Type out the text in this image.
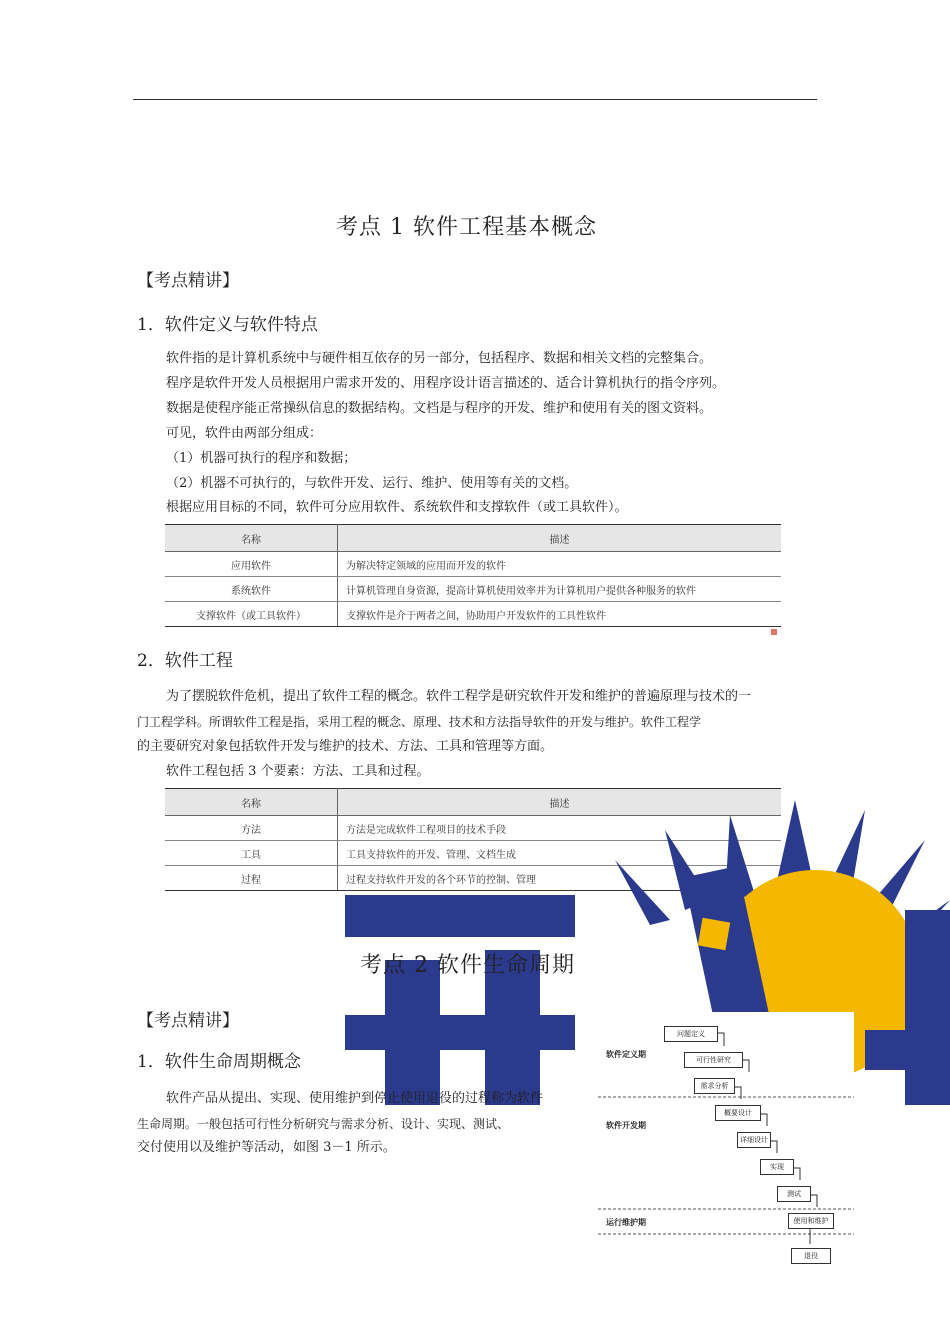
考点 1 软件工程基本概念
【考点精讲】
1．软件定义与软件特点
软件指的是计算机系统中与硬件相互依存的另一部分，包括程序、数据和相关文档的完整集合。
程序是软件开发人员根据用户需求开发的、用程序设计语言描述的、适合计算机执行的指令序列。
数据是使程序能正常操纵信息的数据结构。文档是与程序的开发、维护和使用有关的图文资料。
可见，软件由两部分组成：
（1）机器可执行的程序和数据；
（2）机器不可执行的，与软件开发、运行、维护、使用等有关的文档。
根据应用目标的不同，软件可分应用软件、系统软件和支撑软件（或工具软件）。
名称	描述
应用软件	为解决特定领域的应用而开发的软件
系统软件	计算机管理自身资源，提高计算机使用效率并为计算机用户提供各种服务的软件
支撑软件（或工具软件）	支撑软件是介于两者之间，协助用户开发软件的工具性软件
2．软件工程
为了摆脱软件危机，提出了软件工程的概念。软件工程学是研究软件开发和维护的普遍原理与技术的一
门工程学科。所谓软件工程是指，采用工程的概念、原理、技术和方法指导软件的开发与维护。软件工程学
的主要研究对象包括软件开发与维护的技术、方法、工具和管理等方面。
软件工程包括 3 个要素：方法、工具和过程。
名称	描述
方法	方法是完成软件工程项目的技术手段
工具	工具支持软件的开发、管理、文档生成
过程	过程支持软件开发的各个环节的控制、管理
考点 2 软件生命周期
【考点精讲】
1．软件生命周期概念
软件产品从提出、实现、使用维护到停止使用退役的过程称为软件
生命周期。一般包括可行性分析研究与需求分析、设计、实现、测试、
交付使用以及维护等活动，如图 3－1 所示。
软件定义期
软件开发期
运行维护期
问题定义
可行性研究
需求分析
概要设计
详细设计
实现
测试
使用和维护
退役
